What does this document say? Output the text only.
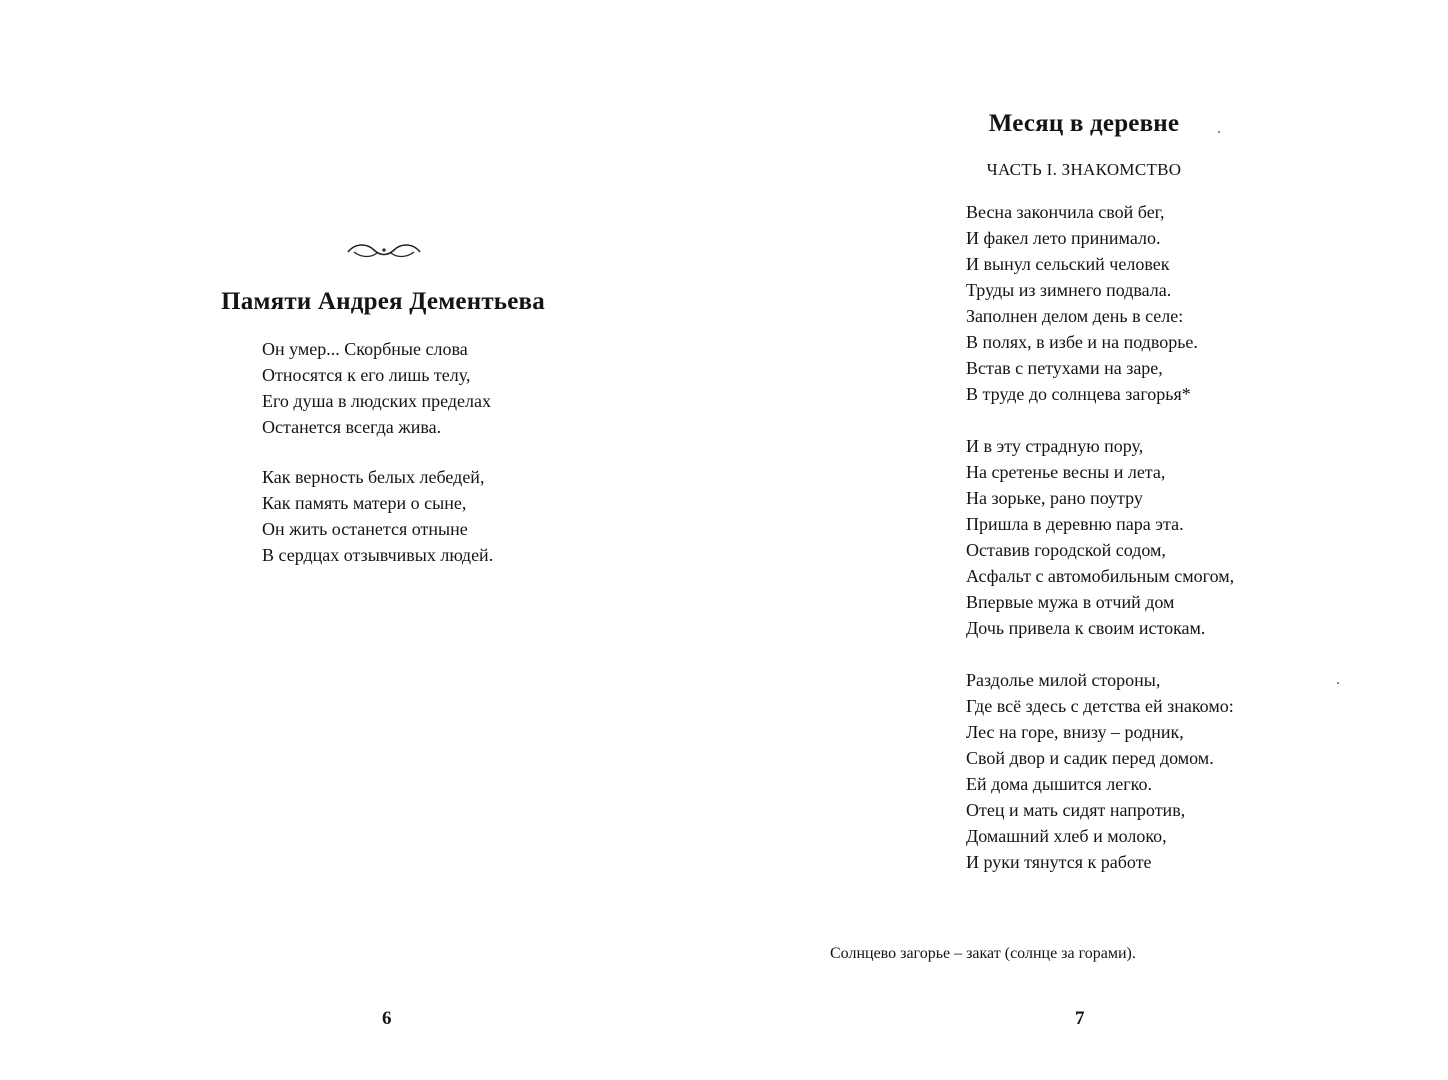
Памяти Андрея Дементьева

Он умер... Скорбные слова
Относятся к его лишь телу,
Его душа в людских пределах
Останется всегда жива.

Как верность белых лебедей,
Как память матери о сыне,
Он жить останется отныне
В сердцах отзывчивых людей.

6
Месяц в деревне
ЧАСТЬ I. ЗНАКОМСТВО

Весна закончила свой бег,
И факел лето принимало.
И вынул сельский человек
Труды из зимнего подвала.
Заполнен делом день в селе:
В полях, в избе и на подворье.
Встав с петухами на заре,
В труде до солнцева загорья*

И в эту страдную пору,
На сретенье весны и лета,
На зорьке, рано поутру
Пришла в деревню пара эта.
Оставив городской содом,
Асфальт с автомобильным смогом,
Впервые мужа в отчий дом
Дочь привела к своим истокам.

Раздолье милой стороны,
Где всё здесь с детства ей знакомо:
Лес на горе, внизу – родник,
Свой двор и садик перед домом.
Ей дома дышится легко.
Отец и мать сидят напротив,
Домашний хлеб и молоко,
И руки тянутся к работе

Солнцево загорье – закат (солнце за горами).
7
